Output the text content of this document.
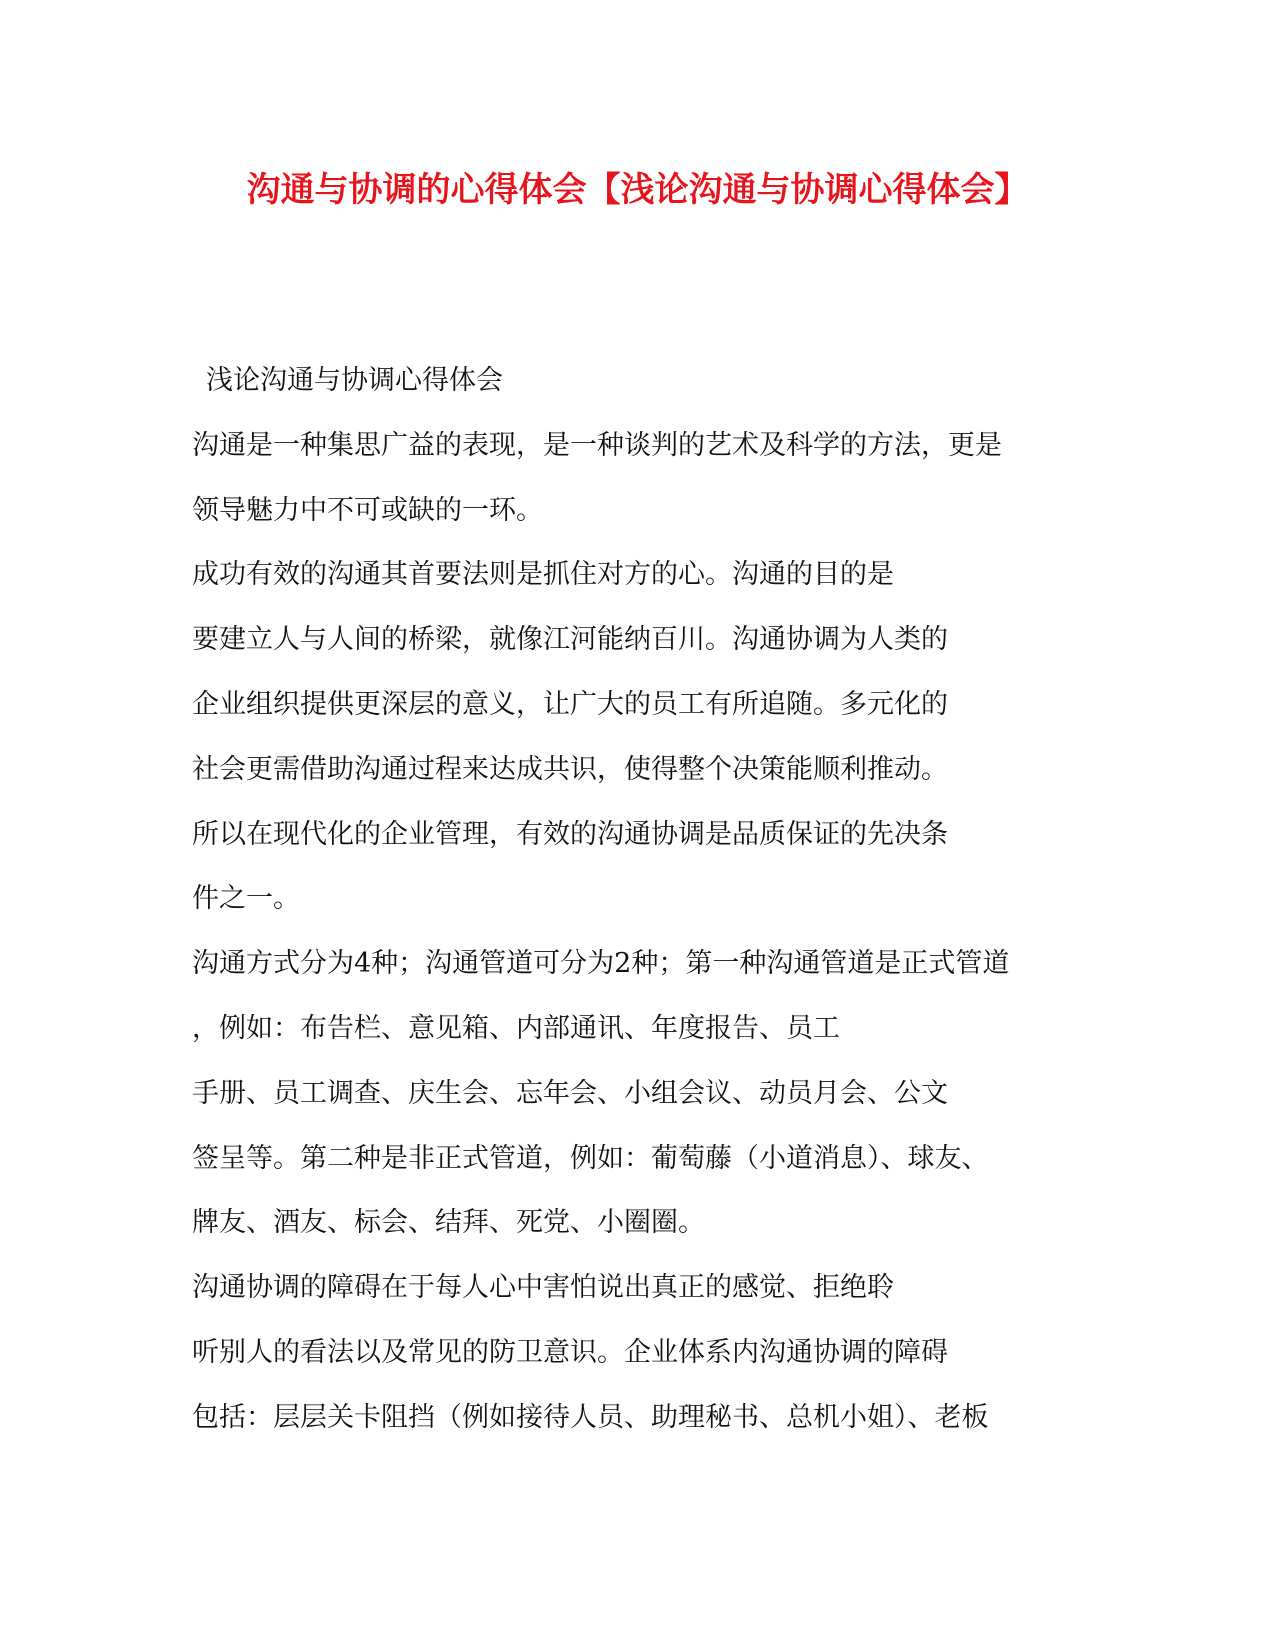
沟通与协调的心得体会【浅论沟通与协调心得体会】
浅论沟通与协调心得体会
沟通是一种集思广益的表现，是一种谈判的艺术及科学的方法，更是
领导魅力中不可或缺的一环。
成功有效的沟通其首要法则是抓住对方的心。沟通的目的是
要建立人与人间的桥梁，就像江河能纳百川。沟通协调为人类的
企业组织提供更深层的意义，让广大的员工有所追随。多元化的
社会更需借助沟通过程来达成共识，使得整个决策能顺利推动。
所以在现代化的企业管理，有效的沟通协调是品质保证的先决条
件之一。
沟通方式分为4种；沟通管道可分为2种；第一种沟通管道是正式管道
，例如：布告栏、意见箱、内部通讯、年度报告、员工
手册、员工调查、庆生会、忘年会、小组会议、动员月会、公文
签呈等。第二种是非正式管道，例如：葡萄藤（小道消息）、球友、
牌友、酒友、标会、结拜、死党、小圈圈。
沟通协调的障碍在于每人心中害怕说出真正的感觉、拒绝聆
听别人的看法以及常见的防卫意识。企业体系内沟通协调的障碍
包括：层层关卡阻挡（例如接待人员、助理秘书、总机小姐）、老板
